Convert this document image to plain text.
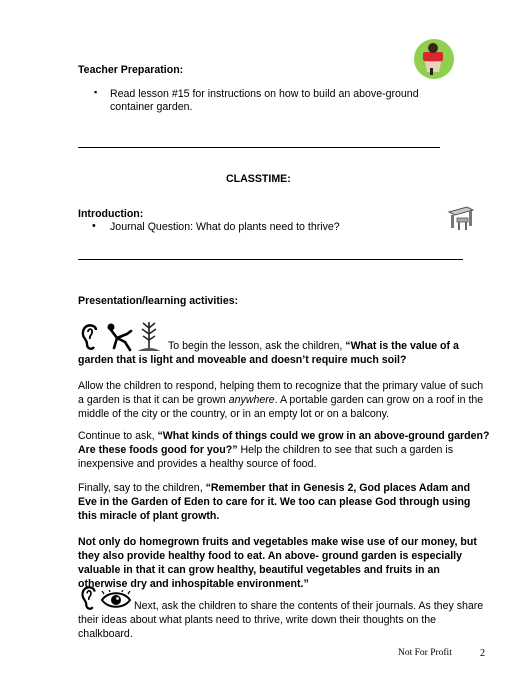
Teacher Preparation:
▪ Read lesson #15 for instructions on how to build an above-ground
container garden.
CLASSTIME:
Introduction:
• Journal Question: What do plants need to thrive?
Presentation/learning activities:
To begin the lesson, ask the children, “What is the value of a
garden that is light and moveable and doesn’t require much soil?
Allow the children to respond, helping them to recognize that the primary value of such
a garden is that it can be grown anywhere. A portable garden can grow on a roof in the
middle of the city or the country, or in an empty lot or on a balcony.
Continue to ask, “What kinds of things could we grow in an above-ground garden?
Are these foods good for you?” Help the children to see that such a garden is
inexpensive and provides a healthy source of food.
Finally, say to the children, “Remember that in Genesis 2, God places Adam and
Eve in the Garden of Eden to care for it. We too can please God through using
this miracle of plant growth.
Not only do homegrown fruits and vegetables make wise use of our money, but
they also provide healthy food to eat. An above- ground garden is especially
valuable in that it can grow healthy, beautiful vegetables and fruits in an
otherwise dry and inhospitable environment.”
Next, ask the children to share the contents of their journals. As they share
their ideas about what plants need to thrive, write down their thoughts on the
chalkboard.
Not For Profit	2
